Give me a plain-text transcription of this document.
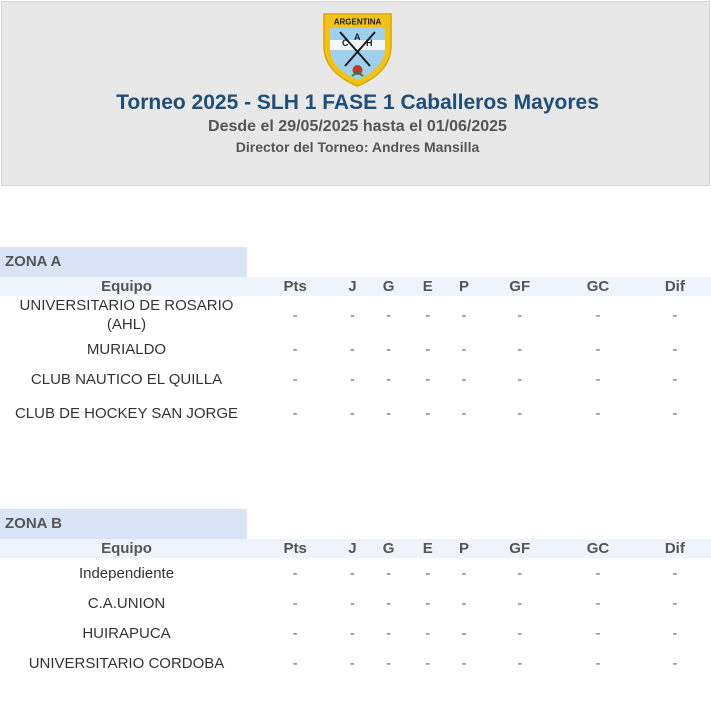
ARGENTINA
C
A
H
Torneo 2025 - SLH 1 FASE 1 Caballeros Mayores
Desde el 29/05/2025 hasta el 01/06/2025
Director del Torneo: Andres Mansilla
ZONA A
Equipo	Pts	J	G	E	P	GF	GC	Dif
UNIVERSITARIO DE ROSARIO (AHL)	-	-	-	-	-	-	-	-
MURIALDO	-	-	-	-	-	-	-	-
CLUB NAUTICO EL QUILLA	-	-	-	-	-	-	-	-
CLUB DE HOCKEY SAN JORGE	-	-	-	-	-	-	-	-
ZONA B
Equipo	Pts	J	G	E	P	GF	GC	Dif
Independiente	-	-	-	-	-	-	-	-
C.A.UNION	-	-	-	-	-	-	-	-
HUIRAPUCA	-	-	-	-	-	-	-	-
UNIVERSITARIO CORDOBA	-	-	-	-	-	-	-	-
